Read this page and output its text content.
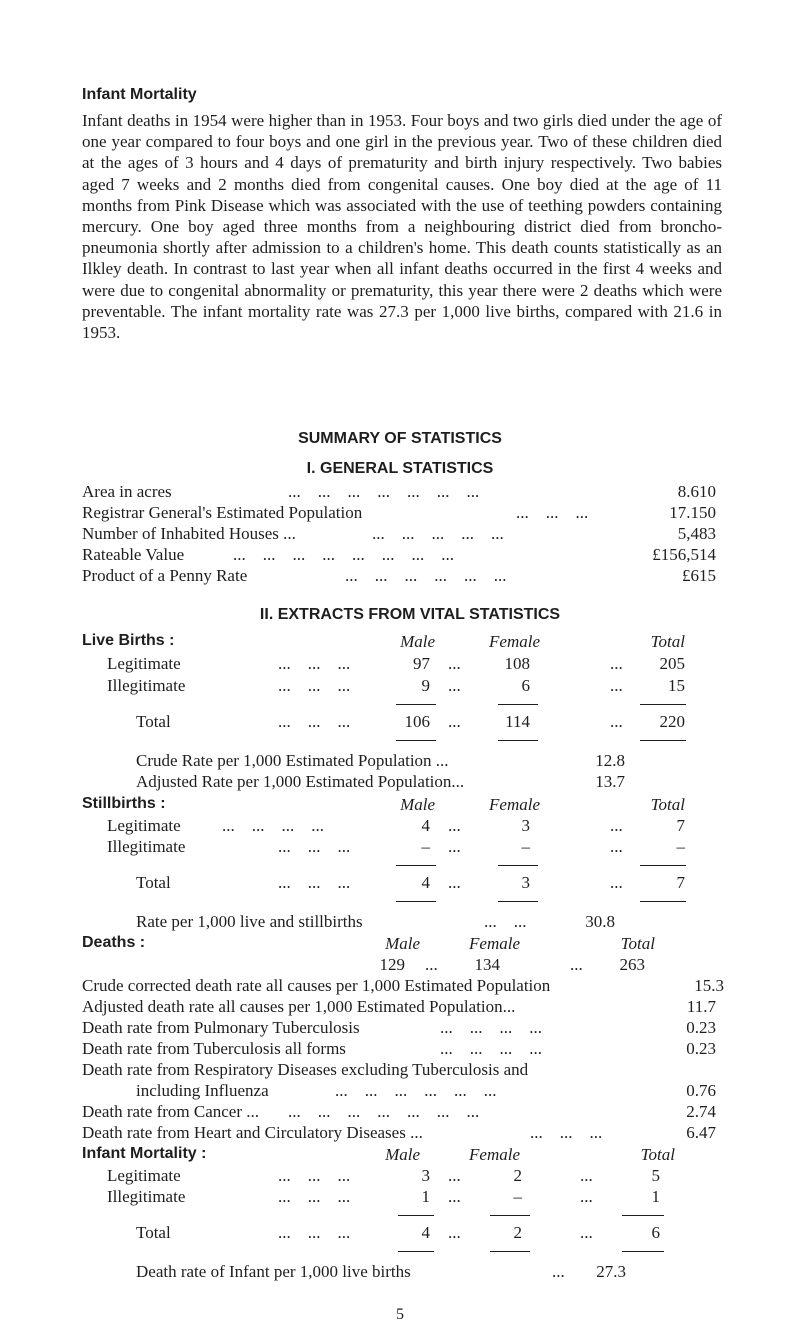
Infant Mortality

Infant deaths in 1954 were higher than in 1953. Four boys and two girls died under the age of one year compared to four boys and one girl in the previous year. Two of these children died at the ages of 3 hours and 4 days of prematurity and birth injury respectively. Two babies aged 7 weeks and 2 months died from congenital causes. One boy died at the age of 11 months from Pink Disease which was associated with the use of teething powders containing mercury. One boy aged three months from a neighbouring district died from broncho-pneumonia shortly after admission to a children's home. This death counts statistically as an Ilkley death. In contrast to last year when all infant deaths occurred in the first 4 weeks and were due to congenital abnormality or prematurity, this year there were 2 deaths which were preventable. The infant mortality rate was 27.3 per 1,000 live births, compared with 21.6 in 1953.

SUMMARY OF STATISTICS
I. GENERAL STATISTICS
Area in acres	...    ...    ...    ...    ...    ...    ...	8.610
Registrar General's Estimated Population	...    ...    ...	17.150
Number of Inhabited Houses ...	...    ...    ...    ...    ...	5,483
Rateable Value	...    ...    ...    ...    ...    ...    ...    ...	£156,514
Product of a Penny Rate	...    ...    ...    ...    ...    ...	£615
II. EXTRACTS FROM VITAL STATISTICS
Live Births :	Male	Female	Total
Legitimate	...    ...    ...	97 ...	108	...	205
Illegitimate	...    ...    ...	9 ...	6	...	15
Total	...    ...    ...	106 ...	114	...	220
Crude Rate per 1,000 Estimated Population ...	12.8
Adjusted Rate per 1,000 Estimated Population...	13.7
Stillbirths :	Male	Female	Total
Legitimate ...    ...    ...    ...	4 ...	3	...	7
Illegitimate	...    ...    ...	– ...	–	...	–
Total	...    ...    ...	4 ...	3	...	7
Rate per 1,000 live and stillbirths	...    ...	30.8
Deaths :	Male	Female	Total
129 ...	134	...	263
Crude corrected death rate all causes per 1,000 Estimated Population	15.3
Adjusted death rate all causes per 1,000 Estimated Population...	11.7
Death rate from Pulmonary Tuberculosis	...    ...    ...    ...	0.23
Death rate from Tuberculosis all forms	...    ...    ...    ...	0.23
Death rate from Respiratory Diseases excluding Tuberculosis and
including Influenza	...    ...    ...    ...    ...    ...	0.76
Death rate from Cancer ... ...    ...    ...    ...    ...    ...    ...	2.74
Death rate from Heart and Circulatory Diseases ...	...    ...    ...	6.47
Infant Mortality :	Male	Female	Total
Legitimate	...    ...    ...	3 ...	2	...	5
Illegitimate	...    ...    ...	1 ...	–	...	1
Total	...    ...    ...	4 ...	2	...	6
Death rate of Infant per 1,000 live births	...	27.3
5
